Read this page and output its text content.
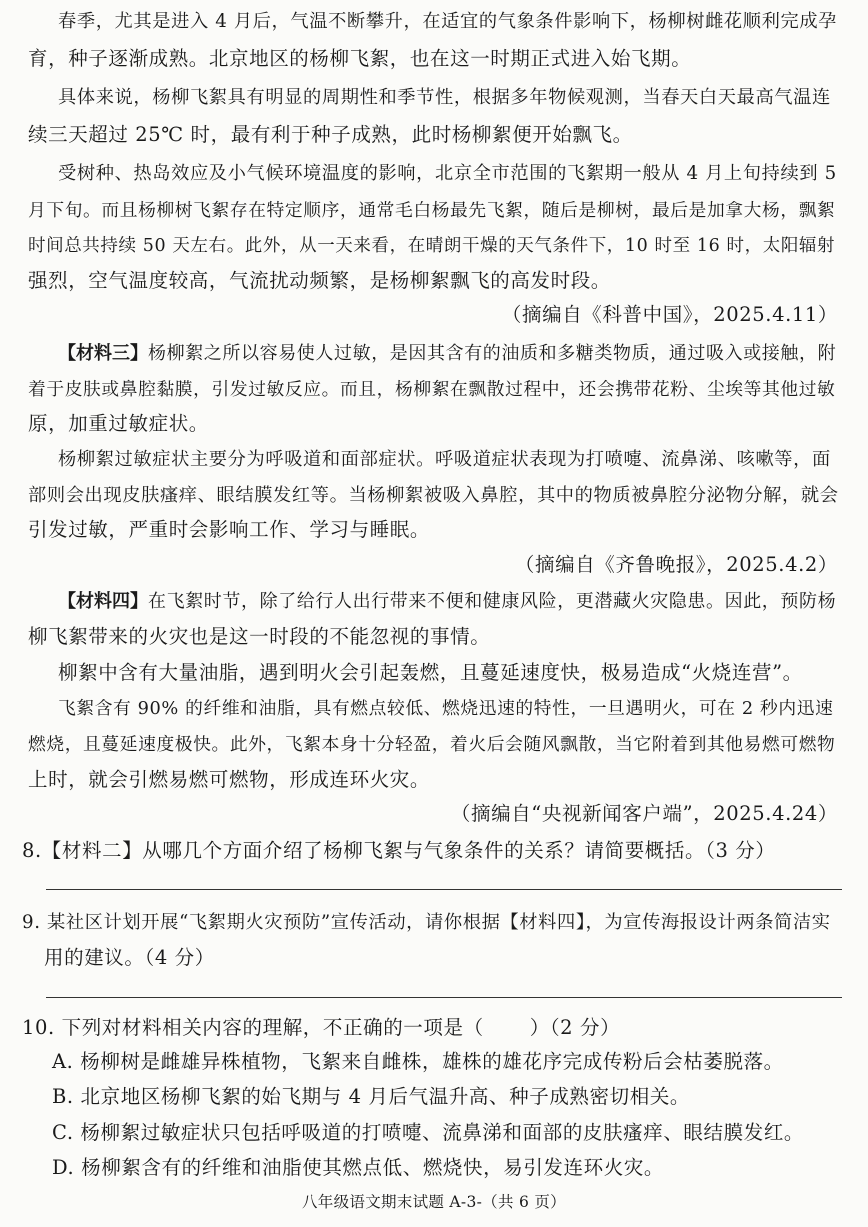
春季，尤其是进入 4 月后，气温不断攀升，在适宜的气象条件影响下，杨柳树雌花顺利完成孕
育，种子逐渐成熟。北京地区的杨柳飞絮，也在这一时期正式进入始飞期。
具体来说，杨柳飞絮具有明显的周期性和季节性，根据多年物候观测，当春天白天最高气温连
续三天超过 25℃ 时，最有利于种子成熟，此时杨柳絮便开始飘飞。
受树种、热岛效应及小气候环境温度的影响，北京全市范围的飞絮期一般从 4 月上旬持续到 5
月下旬。而且杨柳树飞絮存在特定顺序，通常毛白杨最先飞絮，随后是柳树，最后是加拿大杨，飘絮
时间总共持续 50 天左右。此外，从一天来看，在晴朗干燥的天气条件下，10 时至 16 时，太阳辐射
强烈，空气温度较高，气流扰动频繁，是杨柳絮飘飞的高发时段。
（摘编自《科普中国》，2025.4.11）
【材料三】杨柳絮之所以容易使人过敏，是因其含有的油质和多糖类物质，通过吸入或接触，附
着于皮肤或鼻腔黏膜，引发过敏反应。而且，杨柳絮在飘散过程中，还会携带花粉、尘埃等其他过敏
原，加重过敏症状。
杨柳絮过敏症状主要分为呼吸道和面部症状。呼吸道症状表现为打喷嚏、流鼻涕、咳嗽等，面
部则会出现皮肤瘙痒、眼结膜发红等。当杨柳絮被吸入鼻腔，其中的物质被鼻腔分泌物分解，就会
引发过敏，严重时会影响工作、学习与睡眠。
（摘编自《齐鲁晚报》，2025.4.2）
【材料四】在飞絮时节，除了给行人出行带来不便和健康风险，更潜藏火灾隐患。因此，预防杨
柳飞絮带来的火灾也是这一时段的不能忽视的事情。
柳絮中含有大量油脂，遇到明火会引起轰燃，且蔓延速度快，极易造成“火烧连营”。
飞絮含有 90% 的纤维和油脂，具有燃点较低、燃烧迅速的特性，一旦遇明火，可在 2 秒内迅速
燃烧，且蔓延速度极快。此外，飞絮本身十分轻盈，着火后会随风飘散，当它附着到其他易燃可燃物
上时，就会引燃易燃可燃物，形成连环火灾。
（摘编自“央视新闻客户端”，2025.4.24）
8.【材料二】从哪几个方面介绍了杨柳飞絮与气象条件的关系？请简要概括。（3 分）
9. 某社区计划开展“飞絮期火灾预防”宣传活动，请你根据【材料四】，为宣传海报设计两条简洁实
用的建议。（4 分）
10. 下列对材料相关内容的理解，不正确的一项是（ ）（2 分）
A. 杨柳树是雌雄异株植物，飞絮来自雌株，雄株的雄花序完成传粉后会枯萎脱落。
B. 北京地区杨柳飞絮的始飞期与 4 月后气温升高、种子成熟密切相关。
C. 杨柳絮过敏症状只包括呼吸道的打喷嚏、流鼻涕和面部的皮肤瘙痒、眼结膜发红。
D. 杨柳絮含有的纤维和油脂使其燃点低、燃烧快，易引发连环火灾。
八年级语文期末试题 A-3-（共 6 页）
